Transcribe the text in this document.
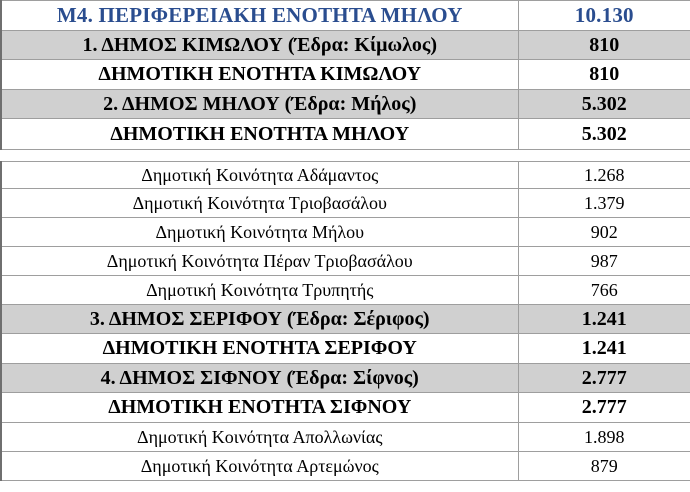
Μ4. ΠΕΡΙΦΕΡΕΙΑΚΗ ΕΝΟΤΗΤΑ ΜΗΛΟΥ	10.130
1. ΔΗΜΟΣ ΚΙΜΩΛΟΥ (Έδρα: Κίμωλος)	810
ΔΗΜΟΤΙΚΗ ΕΝΟΤΗΤΑ ΚΙΜΩΛΟΥ	810
2. ΔΗΜΟΣ ΜΗΛΟΥ (Έδρα: Μήλος)	5.302
ΔΗΜΟΤΙΚΗ ΕΝΟΤΗΤΑ ΜΗΛΟΥ	5.302
Δημοτική Κοινότητα Αδάμαντος	1.268
Δημοτική Κοινότητα Τριοβασάλου	1.379
Δημοτική Κοινότητα Μήλου	902
Δημοτική Κοινότητα Πέραν Τριοβασάλου	987
Δημοτική Κοινότητα Τρυπητής	766
3. ΔΗΜΟΣ ΣΕΡΙΦΟΥ (Έδρα: Σέριφος)	1.241
ΔΗΜΟΤΙΚΗ ΕΝΟΤΗΤΑ ΣΕΡΙΦΟΥ	1.241
4. ΔΗΜΟΣ ΣΙΦΝΟΥ (Έδρα: Σίφνος)	2.777
ΔΗΜΟΤΙΚΗ ΕΝΟΤΗΤΑ ΣΙΦΝΟΥ	2.777
Δημοτική Κοινότητα Απολλωνίας	1.898
Δημοτική Κοινότητα Αρτεμώνος	879
